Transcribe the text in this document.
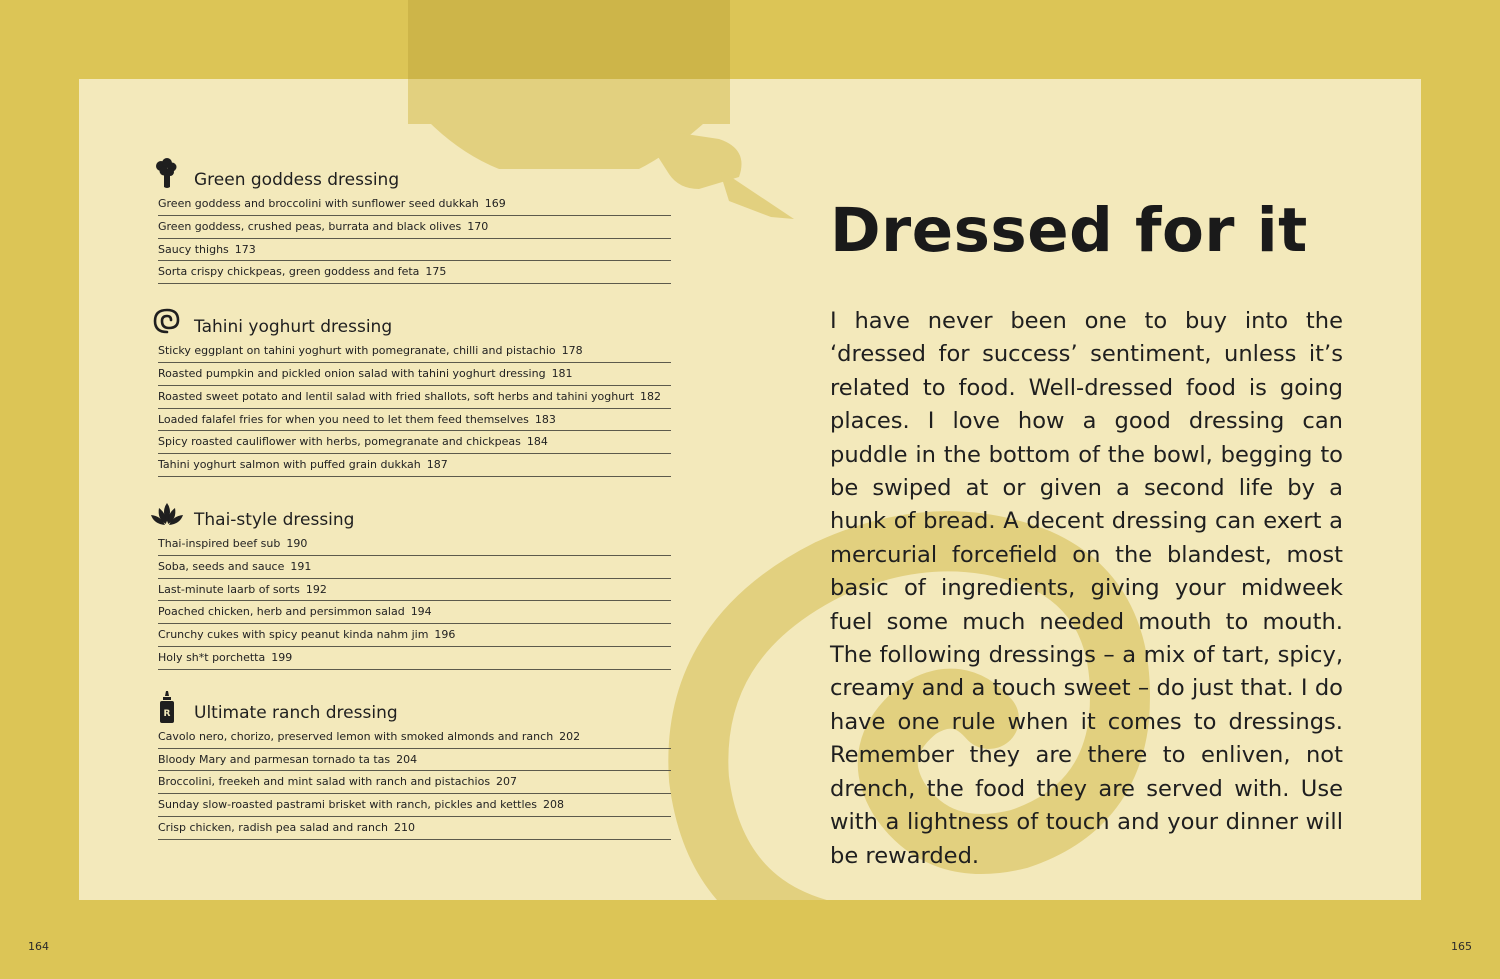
Green goddess dressing
Green goddess and broccolini with sunflower seed dukkah 169
Green goddess, crushed peas, burrata and black olives 170
Saucy thighs 173
Sorta crispy chickpeas, green goddess and feta 175
Tahini yoghurt dressing
Sticky eggplant on tahini yoghurt with pomegranate, chilli and pistachio 178
Roasted pumpkin and pickled onion salad with tahini yoghurt dressing 181
Roasted sweet potato and lentil salad with fried shallots, soft herbs and tahini yoghurt 182
Loaded falafel fries for when you need to let them feed themselves 183
Spicy roasted cauliflower with herbs, pomegranate and chickpeas 184
Tahini yoghurt salmon with puffed grain dukkah 187
Thai-style dressing
Thai-inspired beef sub 190
Soba, seeds and sauce 191
Last-minute laarb of sorts 192
Poached chicken, herb and persimmon salad 194
Crunchy cukes with spicy peanut kinda nahm jim 196
Holy sh*t porchetta 199
R Ultimate ranch dressing
Cavolo nero, chorizo, preserved lemon with smoked almonds and ranch 202
Bloody Mary and parmesan tornado ta tas 204
Broccolini, freekeh and mint salad with ranch and pistachios 207
Sunday slow-roasted pastrami brisket with ranch, pickles and kettles 208
Crisp chicken, radish pea salad and ranch 210
Dressed for it

I have never been one to buy into the ‘dressed for success’ sentiment, unless it’s related to food. Well-dressed food is going places. I love how a good dressing can puddle in the bottom of the bowl, begging to be swiped at or given a second life by a hunk of bread. A decent dressing can exert a mercurial forcefield on the blandest, most basic of ingredients, giving your midweek fuel some much needed mouth to mouth. The following dressings – a mix of tart, spicy, creamy and a touch sweet – do just that. I do have one rule when it comes to dressings. Remember they are there to enliven, not drench, the food they are served with. Use with a lightness of touch and your dinner will be rewarded.

164	165
